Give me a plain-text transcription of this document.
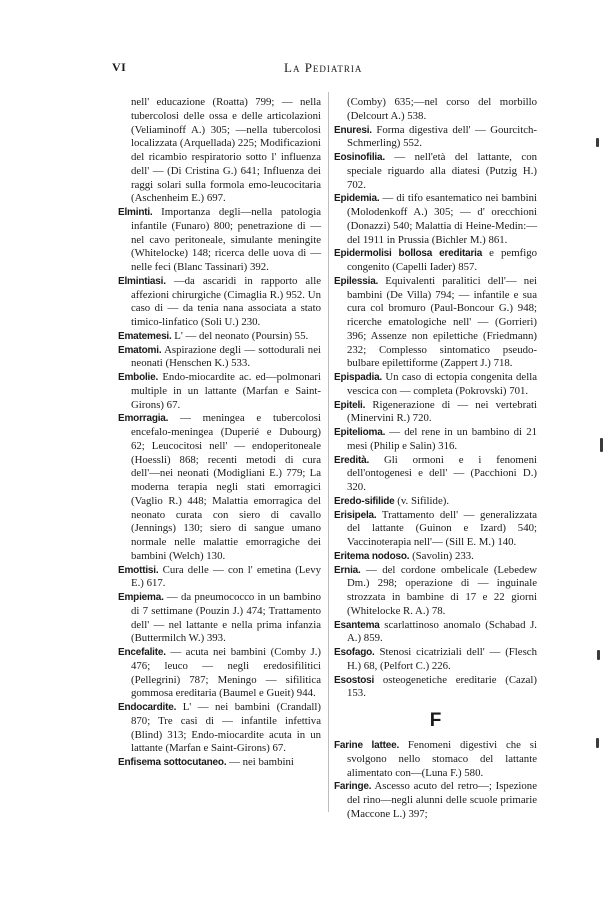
VI	La Pediatria

nell' educazione (Roatta) 799; — nella tubercolosi delle ossa e delle articolazioni (Veliaminoff A.) 305; —nella tubercolosi localizzata (Arquellada) 225; Modificazioni del ricambio respiratorio sotto l' influenza dell' — (Di Cristina G.) 641; Influenza dei raggi solari sulla formola emo-leucocitaria (Aschenheim E.) 697.

Elminti. Importanza degli—nella patologia infantile (Funaro) 800; penetrazione di — nel cavo peritoneale, simulante meningite (Whitelocke) 148; ricerca delle uova di — nelle feci (Blanc Tassinari) 392.

Elmintiasi. —da ascaridi in rapporto alle affezioni chirurgiche (Cimaglia R.) 952. Un caso di — da tenia nana associata a stato timico-linfatico (Soli U.) 230.

Ematemesi. L' — del neonato (Poursin) 55.

Ematomi. Aspirazione degli — sottodurali nei neonati (Henschen K.) 533.

Embolie. Endo-miocardite ac. ed—polmonari multiple in un lattante (Marfan e Saint-Girons) 67.

Emorragia. — meningea e tubercolosi encefalo-meningea (Duperié e Dubourg) 62; Leucocitosi nell' — endoperitoneale (Hoessli) 868; recenti metodi di cura dell'—nei neonati (Modigliani E.) 779; La moderna terapia negli stati emorragici (Vaglio R.) 448; Malattia emorragica del neonato curata con siero di cavallo (Jennings) 130; siero di sangue umano normale nelle malattie emorragiche dei bambini (Welch) 130.

Emottisi. Cura delle — con l' emetina (Levy E.) 617.

Empiema. — da pneumococco in un bambino di 7 settimane (Pouzin J.) 474; Trattamento dell' — nel lattante e nella prima infanzia (Buttermilch W.) 393.

Encefalite. — acuta nei bambini (Comby J.) 476; leuco — negli eredosifilitici (Pellegrini) 787; Meningo — sifilitica gommosa ereditaria (Baumel e Gueit) 944.

Endocardite. L' — nei bambini (Crandall) 870; Tre casi di — infantile infettiva (Blind) 313; Endo-miocardite acuta in un lattante (Marfan e Saint-Girons) 67.

Enfisema sottocutaneo. — nei bambini

(Comby) 635;—nel corso del morbillo (Delcourt A.) 538.

Enuresi. Forma digestiva dell' — Gourcitch-Schmerling) 552.

Eosinofilia. — nell'età del lattante, con speciale riguardo alla diatesi (Putzig H.) 702.

Epidemia. — di tifo esantematico nei bambini (Molodenkoff A.) 305; — d' orecchioni (Donazzi) 540; Malattia di Heine-Medin:—del 1911 in Prussia (Bichler M.) 861.

Epidermolisi bollosa ereditaria e pemfigo congenito (Capelli Iader) 857.

Epilessia. Equivalenti paralitici dell'— nei bambini (De Villa) 794; — infantile e sua cura col bromuro (Paul-Boncour G.) 948; ricerche ematologiche nell' — (Gorrieri) 396; Assenze non epilettiche (Friedmann) 232; Complesso sintomatico pseudo-bulbare epilettiforme (Zappert J.) 718.

Epispadia. Un caso di ectopia congenita della vescica con — completa (Pokrovski) 701.

Epiteli. Rigenerazione di — nei vertebrati (Minervini R.) 720.

Epitelioma. — del rene in un bambino di 21 mesi (Philip e Salin) 316.

Eredità. Gli ormoni e i fenomeni dell'ontogenesi e dell' — (Pacchioni D.) 320.

Eredo-sifilide (v. Sifilide).

Erisipela. Trattamento dell' — generalizzata del lattante (Guinon e Izard) 540; Vaccinoterapia nell'— (Sill E. M.) 140.

Eritema nodoso. (Savolin) 233.

Ernia. — del cordone ombelicale (Lebedew Dm.) 298; operazione di — inguinale strozzata in bambine di 17 e 22 giorni (Whitelocke R. A.) 78.

Esantema scarlattinoso anomalo (Schabad J. A.) 859.

Esofago. Stenosi cicatriziali dell' — (Flesch H.) 68, (Pelfort C.) 226.

Esostosi osteogenetiche ereditarie (Cazal) 153.

F

Farine lattee. Fenomeni digestivi che si svolgono nello stomaco del lattante alimentato con—(Luna F.) 580.

Faringe. Ascesso acuto del retro—; Ispezione del rino—negli alunni delle scuole primarie (Maccone L.) 397;
